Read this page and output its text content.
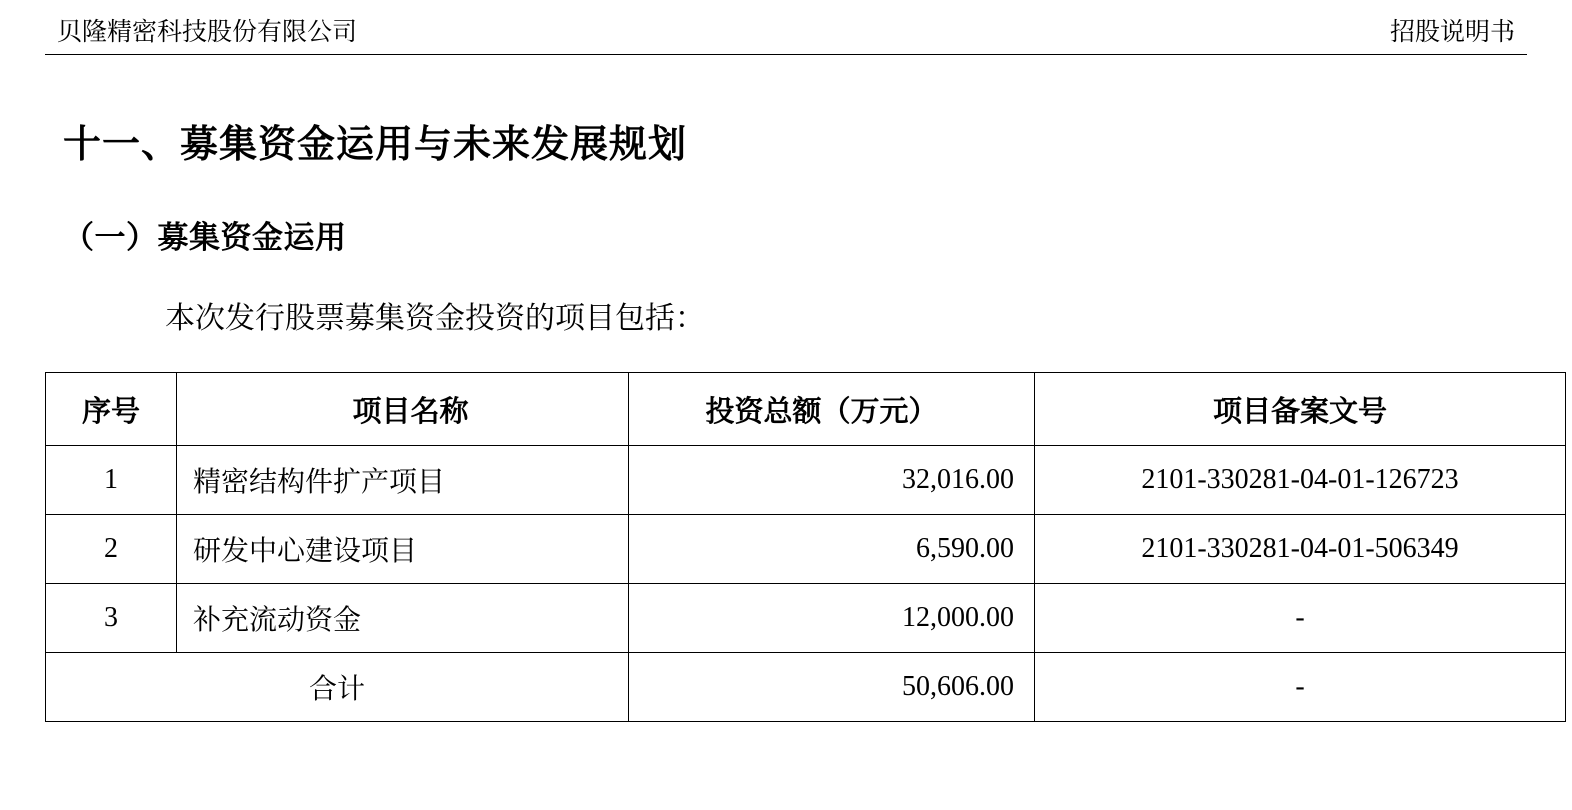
贝隆精密科技股份有限公司	招股说明书
十一、募集资金运用与未来发展规划
（一）募集资金运用

本次发行股票募集资金投资的项目包括：

序号	项目名称	投资总额（万元）	项目备案文号
1	精密结构件扩产项目	32,016.00	2101-330281-04-01-126723
2	研发中心建设项目	6,590.00	2101-330281-04-01-506349
3	补充流动资金	12,000.00	-
合计		50,606.00	-
